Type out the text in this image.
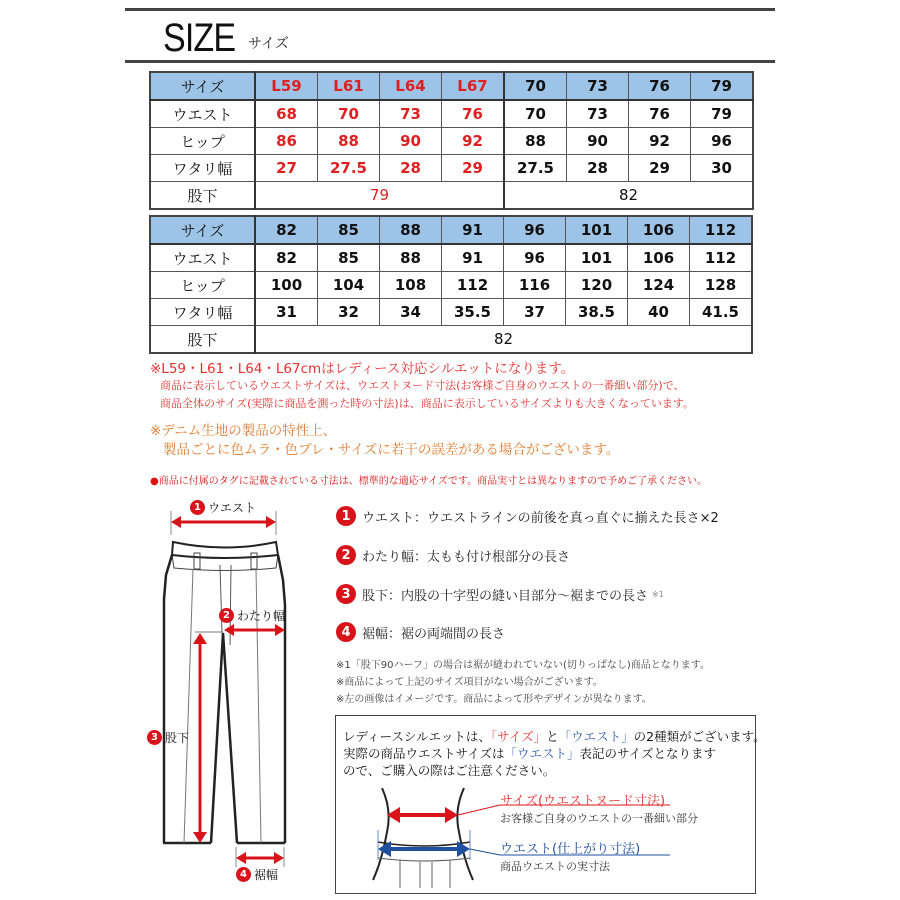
SIZE サイズ
サイズ	L59	L61	L64	L67	70	73	76	79
ウエスト	68	70	73	76	70	73	76	79
ヒップ	86	88	90	92	88	90	92	96
ワタリ幅	27	27.5	28	29	27.5	28	29	30
股下	79				82			
サイズ	82	85	88	91	96	101	106	112
ウエスト	82	85	88	91	96	101	106	112
ヒップ	100	104	108	112	116	120	124	128
ワタリ幅	31	32	34	35.5	37	38.5	40	41.5
股下	82							
※L59・L61・L64・L67cmはレディース対応シルエットになります。
商品に表示しているウエストサイズは、ウエストヌード寸法(お客様ご自身のウエストの一番細い部分)で、
商品全体のサイズ(実際に商品を測った時の寸法)は、商品に表示しているサイズよりも大きくなっています。
※デニム生地の製品の特性上、
製品ごとに色ムラ・色ブレ・サイズに若干の誤差がある場合がございます。
●商品に付属のタグに記載されている寸法は、標準的な適応サイズです。商品実寸とは異なりますので予めご了承ください。
1 ウエスト
2 わたり幅
3 股下
4 裾幅
1 ウエスト：ウエストラインの前後を真っ直ぐに揃えた長さ×2
2 わたり幅：太もも付け根部分の長さ
3 股下：内股の十字型の縫い目部分～裾までの長さ ※1
4 裾幅：裾の両端間の長さ
※1「股下90ハーフ」の場合は裾が縫われていない(切りっぱなし)商品となります。
※商品によって上記のサイズ項目がない場合がございます。
※左の画像はイメージです。商品によって形やデザインが異なります。
レディースシルエットは、「サイズ」と「ウエスト」の2種類がございます。
実際の商品ウエストサイズは「ウエスト」表記のサイズとなります
ので、ご購入の際はご注意ください。
サイズ(ウエストヌード寸法)
お客様ご自身のウエストの一番細い部分
ウエスト(仕上がり寸法)
商品ウエストの実寸法
